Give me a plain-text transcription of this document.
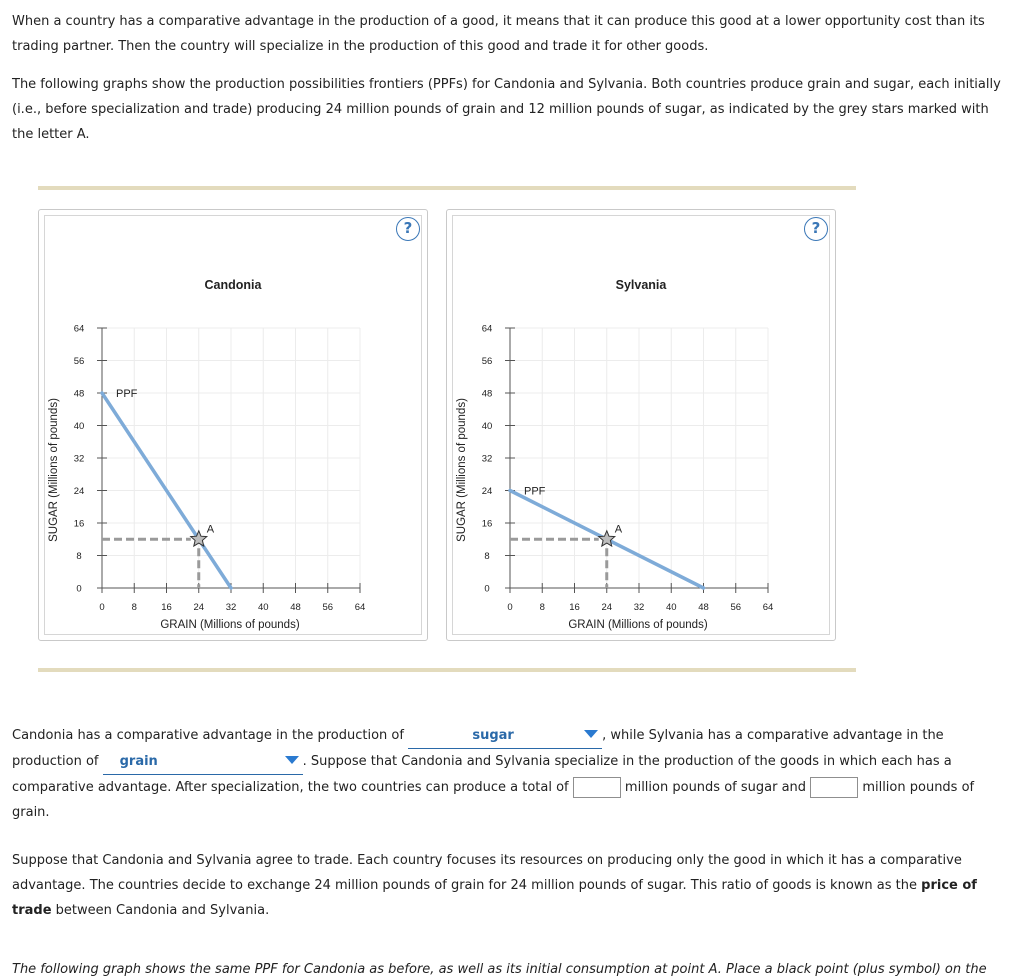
When a country has a comparative advantage in the production of a good, it means that it can produce this good at a lower opportunity cost than its trading partner. Then the country will specialize in the production of this good and trade it for other goods.

The following graphs show the production possibilities frontiers (PPFs) for Candonia and Sylvania. Both countries produce grain and sugar, each initially (i.e., before specialization and trade) producing 24 million pounds of grain and 12 million pounds of sugar, as indicated by the grey stars marked with the letter A.

?
Candonia
0	8	16 24 32 40 48 56 64
0
8
16
24
32
40
48
56
64
GRAIN (Millions of pounds)
SUGAR (Millions of pounds)
PPF
A
?
Sylvania
0	8	16 24 32 40 48 56 64
0
8
16
24
32
40
48
56
64
GRAIN (Millions of pounds)
SUGAR (Millions of pounds)	PPF
A

Candonia has a comparative advantage in the production of	sugar	, while Sylvania has a comparative advantage in the production of grain	. Suppose that Candonia and Sylvania specialize in the production of the goods in which each has a comparative advantage. After specialization, the two countries can produce a total of	million pounds of sugar and	million pounds of grain.

Suppose that Candonia and Sylvania agree to trade. Each country focuses its resources on producing only the good in which it has a comparative advantage. The countries decide to exchange 24 million pounds of grain for 24 million pounds of sugar. This ratio of goods is known as the price of trade between Candonia and Sylvania.

The following graph shows the same PPF for Candonia as before, as well as its initial consumption at point A. Place a black point (plus symbol) on the
